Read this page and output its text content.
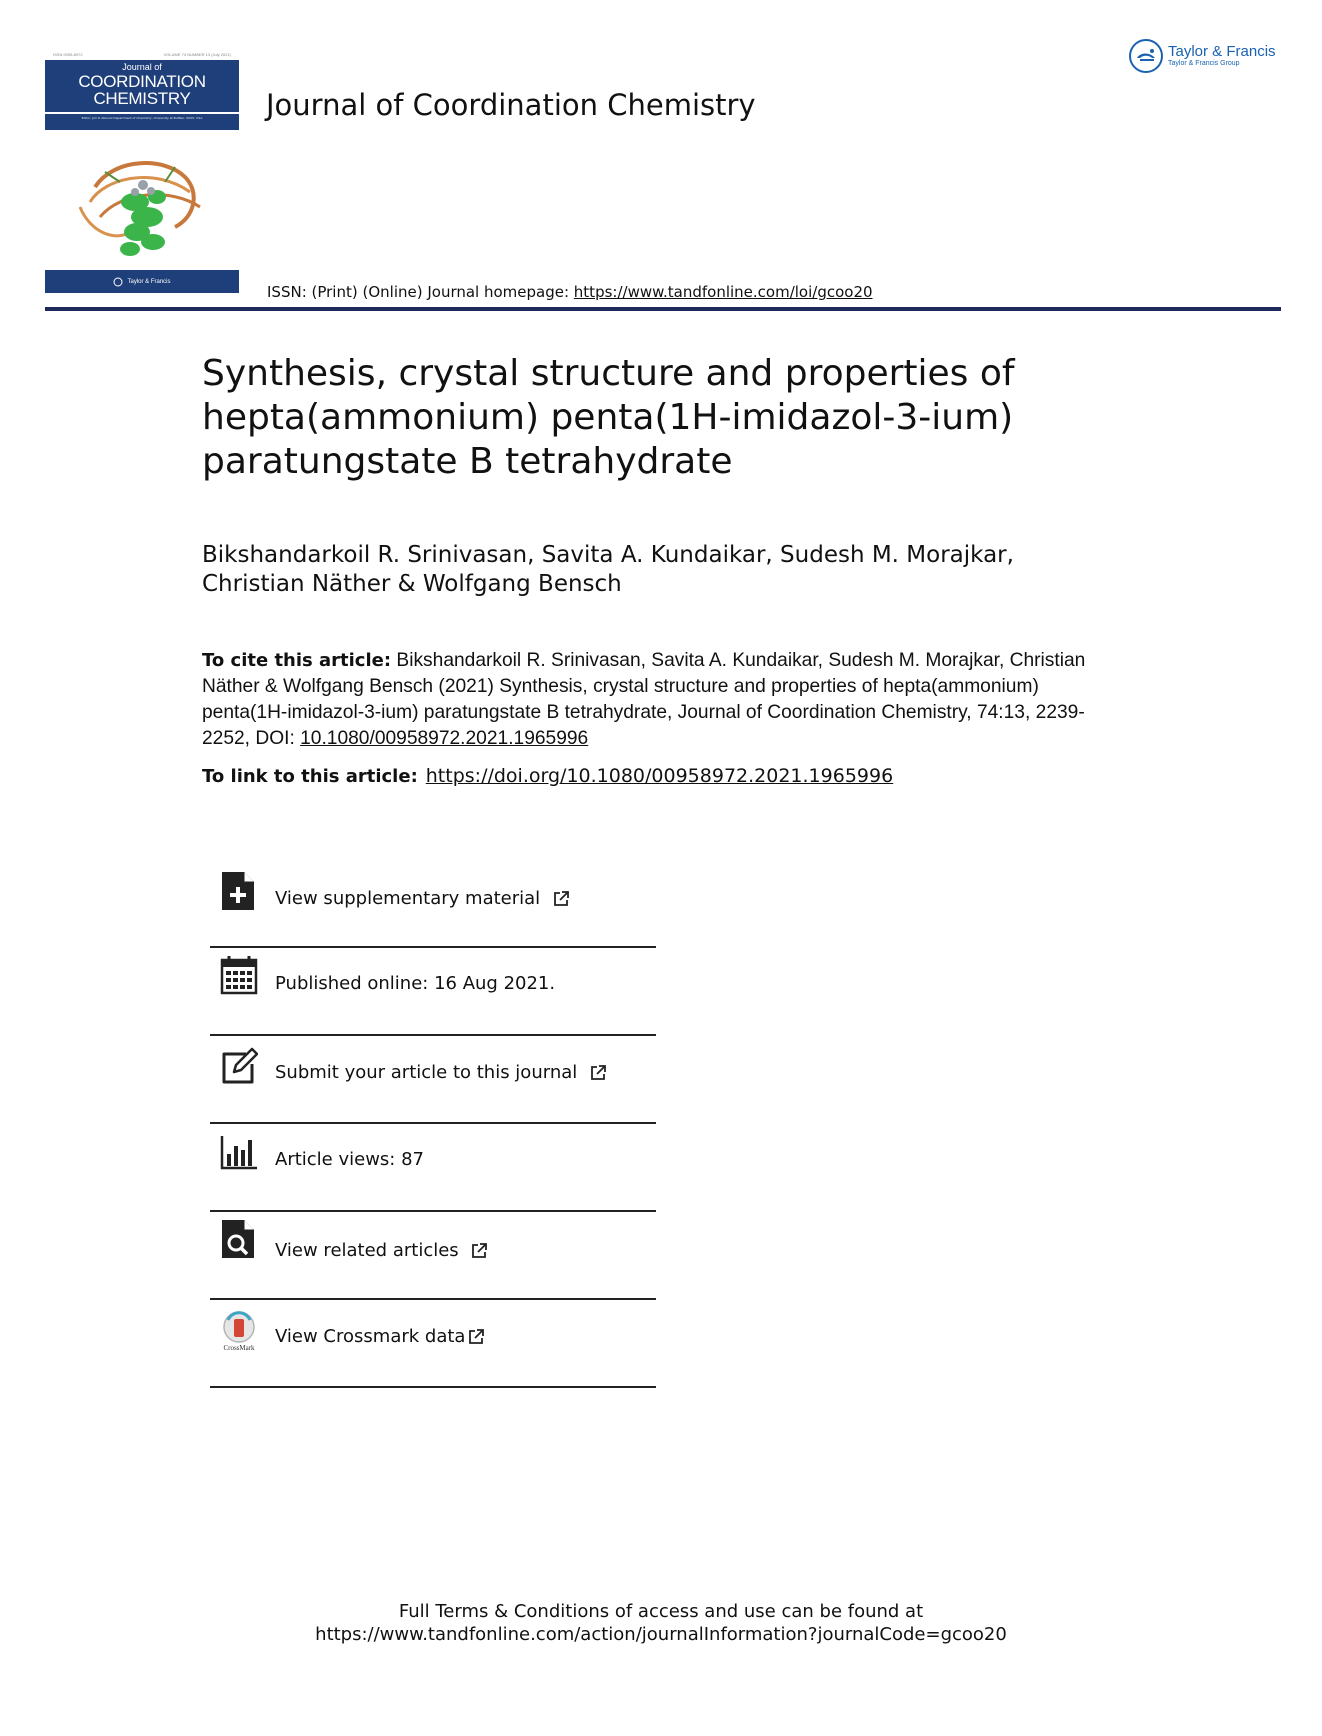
ISSN 0095-8972	VOLUME 74 NUMBER 13 (July 2021)
Journal of
COORDINATION
CHEMISTRY
Editor: Jim D Atwood Department of Chemistry, University at Buffalo, SUNY, USA
Taylor & Francis
Journal of Coordination Chemistry
Taylor & Francis
Taylor & Francis Group
ISSN: (Print) (Online) Journal homepage: https://www.tandfonline.com/loi/gcoo20
Synthesis, crystal structure and properties of hepta(ammonium) penta(1H-imidazol-3-ium) paratungstate B tetrahydrate
Bikshandarkoil R. Srinivasan, Savita A. Kundaikar, Sudesh M. Morajkar,
Christian Näther & Wolfgang Bensch
To cite this article: Bikshandarkoil R. Srinivasan, Savita A. Kundaikar, Sudesh M. Morajkar, Christian Näther & Wolfgang Bensch (2021) Synthesis, crystal structure and properties of hepta(ammonium) penta(1H-imidazol-3-ium) paratungstate B tetrahydrate, Journal of Coordination Chemistry, 74:13, 2239-2252, DOI: 10.1080/00958972.2021.1965996
To link to this article: https://doi.org/10.1080/00958972.2021.1965996
View supplementary material
Published online: 16 Aug 2021.
Submit your article to this journal
Article views: 87
View related articles
CrossMark
View Crossmark data
Full Terms & Conditions of access and use can be found at
https://www.tandfonline.com/action/journalInformation?journalCode=gcoo20
